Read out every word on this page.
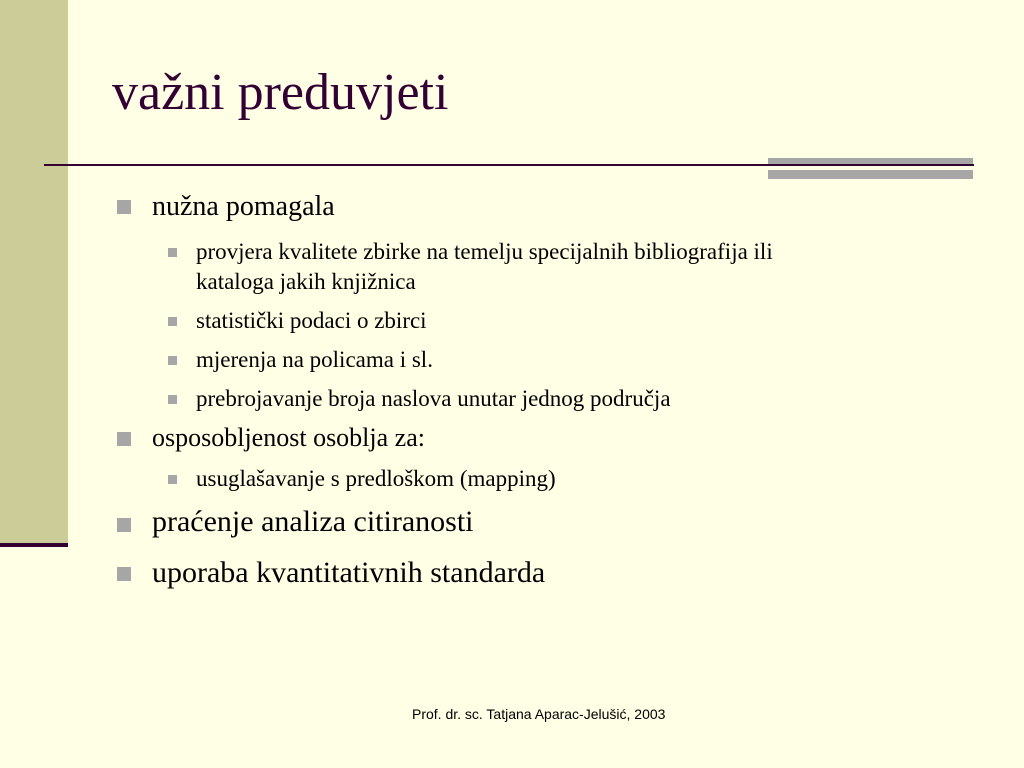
važni preduvjeti
nužna pomagala
provjera kvalitete zbirke na temelju specijalnih bibliografija ili
kataloga jakih knjižnica
statistički podaci o zbirci
mjerenja na policama i sl.
prebrojavanje broja naslova unutar jednog područja
osposobljenost osoblja za:
usuglašavanje s predloškom (mapping)
praćenje analiza citiranosti
uporaba kvantitativnih standarda
Prof. dr. sc. Tatjana Aparac-Jelušić, 2003
